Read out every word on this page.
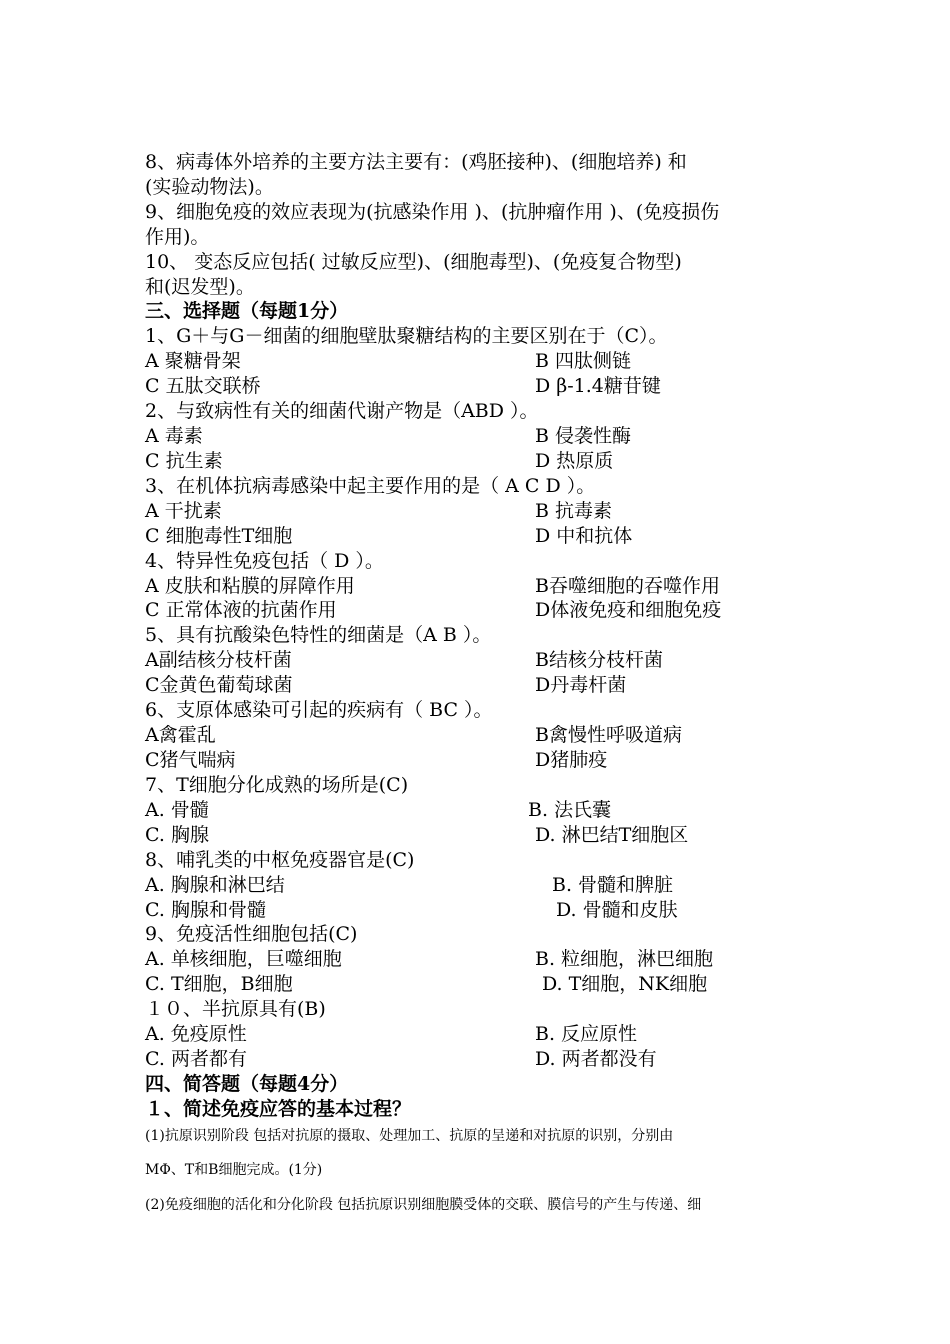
8、病毒体外培养的主要方法主要有：(鸡胚接种)、(细胞培养) 和
(实验动物法)。
9、细胞免疫的效应表现为(抗感染作用 )、(抗肿瘤作用 )、(免疫损伤
作用)。
10、 变态反应包括( 过敏反应型)、(细胞毒型)、(免疫复合物型)
和(迟发型)。
三、选择题（每题1分）
1、G＋与G－细菌的细胞壁肽聚糖结构的主要区别在于（C）。
A 聚糖骨架	B 四肽侧链
C 五肽交联桥	D β-1.4糖苷键
2、与致病性有关的细菌代谢产物是（ABD ）。
A 毒素	B 侵袭性酶
C 抗生素	D 热原质
3、在机体抗病毒感染中起主要作用的是（ A C D ）。
A 干扰素	B 抗毒素
C 细胞毒性T细胞	D 中和抗体
4、特异性免疫包括（ D ）。
A 皮肤和粘膜的屏障作用	B吞噬细胞的吞噬作用
C 正常体液的抗菌作用	D体液免疫和细胞免疫
5、具有抗酸染色特性的细菌是（A B ）。
A副结核分枝杆菌	B结核分枝杆菌
C金黄色葡萄球菌	D丹毒杆菌
6、支原体感染可引起的疾病有（ BC ）。
A禽霍乱	B禽慢性呼吸道病
C猪气喘病	D猪肺疫
7、T细胞分化成熟的场所是(C)
A. 骨髓	B. 法氏囊
C. 胸腺	D. 淋巴结T细胞区
8、哺乳类的中枢免疫器官是(C)
A. 胸腺和淋巴结	B. 骨髓和脾脏
C. 胸腺和骨髓	D. 骨髓和皮肤
9、免疫活性细胞包括(C)
A. 单核细胞，巨噬细胞	B. 粒细胞，淋巴细胞
C. T细胞，B细胞	D. T细胞，NK细胞
１０、半抗原具有(B)
A. 免疫原性	B. 反应原性
C. 两者都有	D. 两者都没有
四、简答题（每题4分）
１、简述免疫应答的基本过程？
(1)抗原识别阶段 包括对抗原的摄取、处理加工、抗原的呈递和对抗原的识别，分别由
MΦ、T和B细胞完成。(1分)
(2)免疫细胞的活化和分化阶段 包括抗原识别细胞膜受体的交联、膜信号的产生与传递、细
